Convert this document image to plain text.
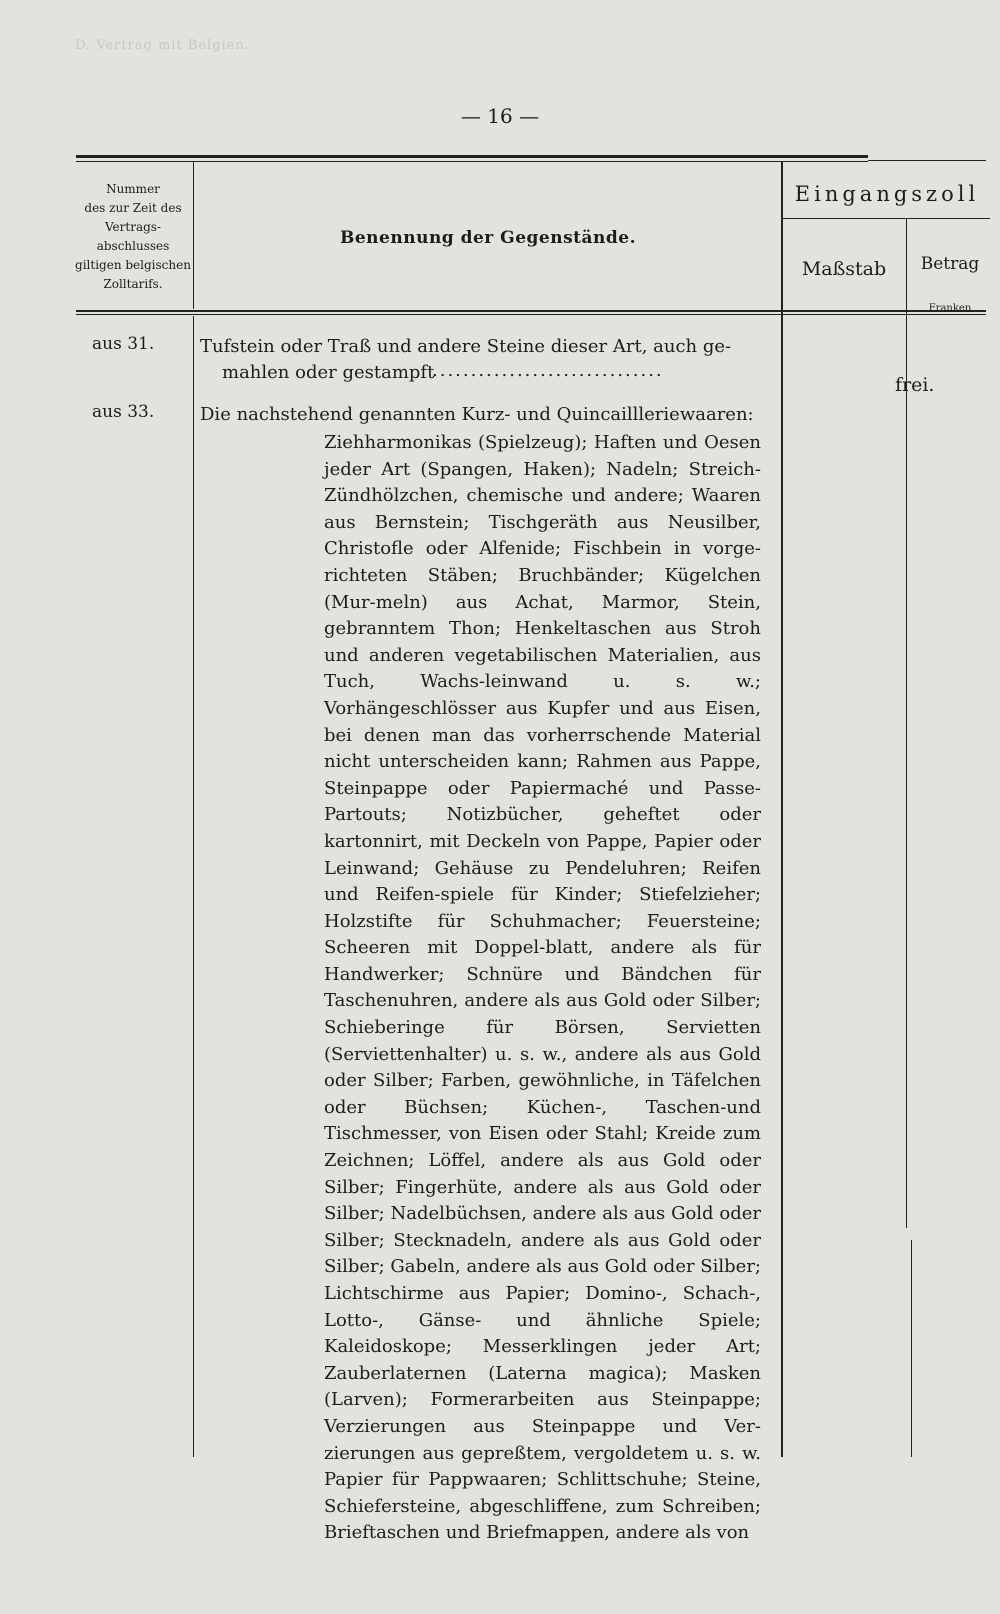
D. Vertrag mit Belgien.
— 16 —
Nummer
des zur Zeit des
Vertrags-
abschlusses
giltigen belgischen
Zolltarifs.
Benennung der Gegenstände.
Eingangszoll
Maßstab	Betrag
Franken
aus 31.	Tufstein oder Traß und andere Steine dieser Art, auch ge-
mahlen oder gestampft
..............................
frei.
aus 33.	Die nachstehend genannten Kurz- und Quincaillleriewaaren:
Ziehharmonikas (Spielzeug); Haften und Oesen jeder Art (Spangen, Haken); Nadeln; Streich-Zündhölzchen, chemische und andere; Waaren aus Bernstein; Tischgeräth aus Neusilber, Christofle oder Alfenide; Fischbein in vorge-richteten Stäben; Bruchbänder; Kügelchen (Mur-meln) aus Achat, Marmor, Stein, gebranntem Thon; Henkeltaschen aus Stroh und anderen vegetabilischen Materialien, aus Tuch, Wachs-leinwand u. s. w.; Vorhängeschlösser aus Kupfer und aus Eisen, bei denen man das vorherrschende Material nicht unterscheiden kann; Rahmen aus Pappe, Steinpappe oder Papiermaché und Passe-Partouts; Notizbücher, geheftet oder kartonnirt, mit Deckeln von Pappe, Papier oder Leinwand; Gehäuse zu Pendeluhren; Reifen und Reifen-spiele für Kinder; Stiefelzieher; Holzstifte für Schuhmacher; Feuersteine; Scheeren mit Doppel-blatt, andere als für Handwerker; Schnüre und Bändchen für Taschenuhren, andere als aus Gold oder Silber; Schieberinge für Börsen, Servietten (Serviettenhalter) u. s. w., andere als aus Gold oder Silber; Farben, gewöhnliche, in Täfelchen oder Büchsen; Küchen-, Taschen-und Tischmesser, von Eisen oder Stahl; Kreide zum Zeichnen; Löffel, andere als aus Gold oder Silber; Fingerhüte, andere als aus Gold oder Silber; Nadelbüchsen, andere als aus Gold oder Silber; Stecknadeln, andere als aus Gold oder Silber; Gabeln, andere als aus Gold oder Silber; Lichtschirme aus Papier; Domino-, Schach-, Lotto-, Gänse- und ähnliche Spiele; Kaleidoskope; Messerklingen jeder Art; Zauberlaternen (Laterna magica); Masken (Larven); Formerarbeiten aus Steinpappe; Verzierungen aus Steinpappe und Ver-zierungen aus gepreßtem, vergoldetem u. s. w. Papier für Pappwaaren; Schlittschuhe; Steine, Schiefersteine, abgeschliffene, zum Schreiben; Brieftaschen und Briefmappen, andere als von
